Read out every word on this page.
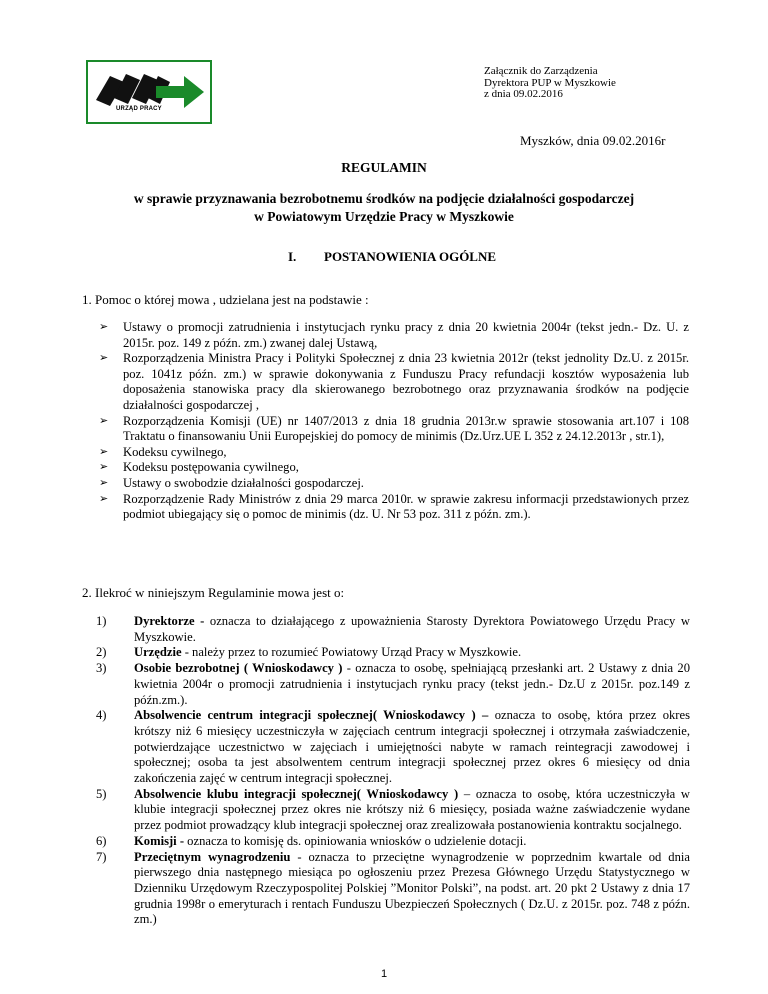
URZĄD PRACY
Załącznik do Zarządzenia
Dyrektora PUP w Myszkowie
z dnia 09.02.2016
Myszków, dnia 09.02.2016r
REGULAMIN
w sprawie przyznawania bezrobotnemu środków na podjęcie działalności gospodarczej
w Powiatowym Urzędzie Pracy w Myszkowie
I. POSTANOWIENIA OGÓLNE
1. Pomoc o której mowa , udzielana jest na podstawie :

➢ Ustawy o promocji zatrudnienia i instytucjach rynku pracy z dnia 20 kwietnia 2004r (tekst jedn.- Dz. U. z 2015r. poz. 149 z późn. zm.) zwanej dalej Ustawą,

➢ Rozporządzenia Ministra Pracy i Polityki Społecznej z dnia 23 kwietnia 2012r (tekst jednolity Dz.U. z 2015r. poz. 1041z późn. zm.) w sprawie dokonywania z Funduszu Pracy refundacji kosztów wyposażenia lub doposażenia stanowiska pracy dla skierowanego bezrobotnego oraz przyznawania środków na podjęcie działalności gospodarczej ,

➢ Rozporządzenia Komisji (UE) nr 1407/2013 z dnia 18 grudnia 2013r.w sprawie stosowania art.107 i 108 Traktatu o finansowaniu Unii Europejskiej do pomocy de minimis (Dz.Urz.UE L 352 z 24.12.2013r , str.1),

➢ Kodeksu cywilnego,

➢ Kodeksu postępowania cywilnego,

➢ Ustawy o swobodzie działalności gospodarczej.

➢ Rozporządzenie Rady Ministrów z dnia 29 marca 2010r. w sprawie zakresu informacji przedstawionych przez podmiot ubiegający się o pomoc de minimis (dz. U. Nr 53 poz. 311 z późn. zm.).

2. Ilekroć w niniejszym Regulaminie mowa jest o:
1) Dyrektorze - oznacza to działającego z upoważnienia Starosty Dyrektora Powiatowego Urzędu Pracy w Myszkowie.
2) Urzędzie - należy przez to rozumieć Powiatowy Urząd Pracy w Myszkowie.
3) Osobie bezrobotnej ( Wnioskodawcy ) - oznacza to osobę, spełniającą przesłanki art. 2 Ustawy z dnia 20 kwietnia 2004r o promocji zatrudnienia i instytucjach rynku pracy (tekst jedn.- Dz.U z 2015r. poz.149 z późn.zm.).
4) Absolwencie centrum integracji społecznej( Wnioskodawcy ) – oznacza to osobę, która przez okres krótszy niż 6 miesięcy uczestniczyła w zajęciach centrum integracji społecznej i otrzymała zaświadczenie, potwierdzające uczestnictwo w zajęciach i umiejętności nabyte w ramach reintegracji zawodowej i społecznej; osoba ta jest absolwentem centrum integracji społecznej przez okres 6 miesięcy od dnia zakończenia zajęć w centrum integracji społecznej.
5) Absolwencie klubu integracji społecznej( Wnioskodawcy ) – oznacza to osobę, która uczestniczyła w klubie integracji społecznej przez okres nie krótszy niż 6 miesięcy, posiada ważne zaświadczenie wydane przez podmiot prowadzący klub integracji społecznej oraz zrealizowała postanowienia kontraktu socjalnego.
6) Komisji - oznacza to komisję ds. opiniowania wniosków o udzielenie dotacji.
7) Przeciętnym wynagrodzeniu - oznacza to przeciętne wynagrodzenie w poprzednim kwartale od dnia pierwszego dnia następnego miesiąca po ogłoszeniu przez Prezesa Głównego Urzędu Statystycznego w Dzienniku Urzędowym Rzeczypospolitej Polskiej ”Monitor Polski”, na podst. art. 20 pkt 2 Ustawy z dnia 17 grudnia 1998r o emeryturach i rentach Funduszu Ubezpieczeń Społecznych ( Dz.U. z 2015r. poz. 748 z późn. zm.)
1
